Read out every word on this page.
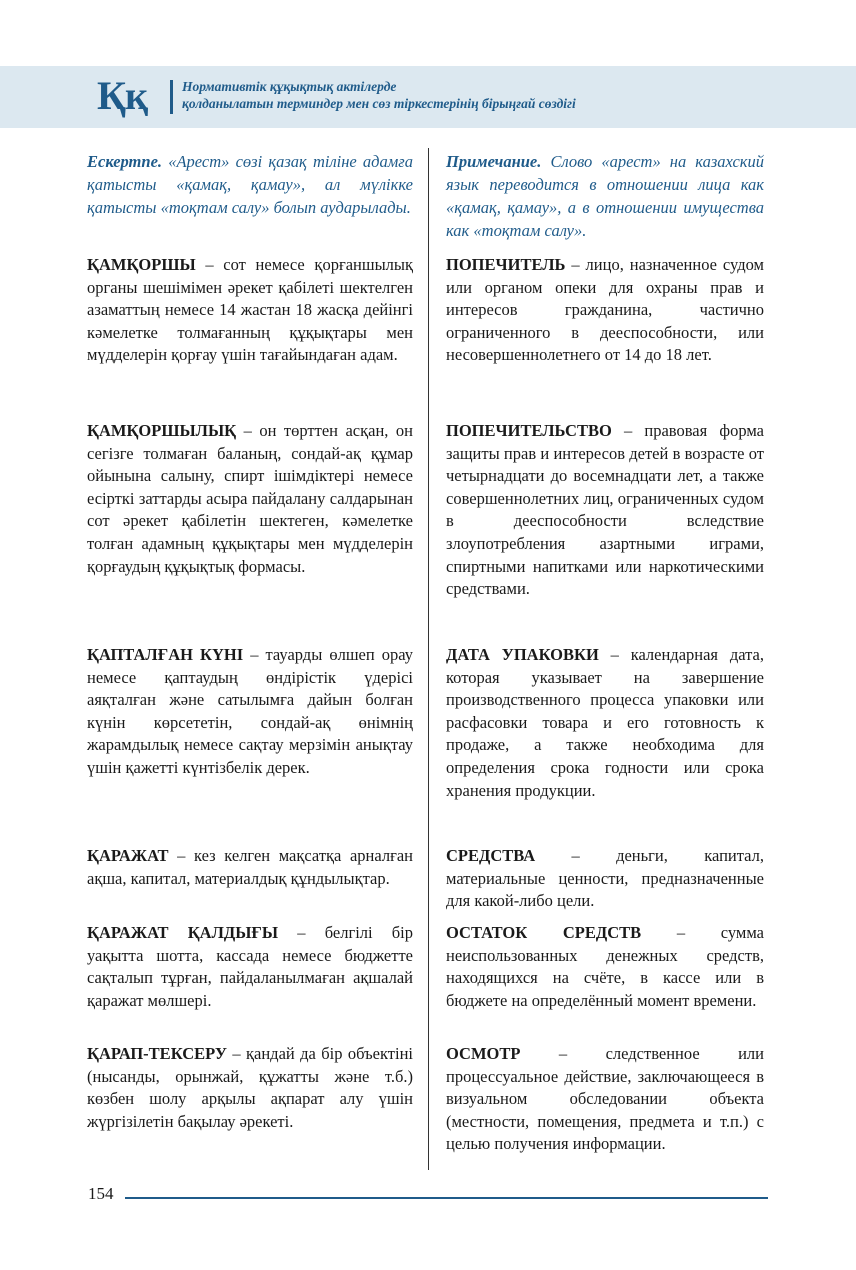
Ққ	Нормативтік құқықтық актілерде
қолданылатын терминдер мен сөз тіркестерінің бірыңғай сөздігі

Ескертпе. «Арест» сөзі қазақ тіліне адамға қатысты «қамақ, қамау», ал мүлікке қатысты «тоқтам салу» болып аударылады.

ҚАМҚОРШЫ – сот немесе қорғаншылық органы шешімімен әрекет қабілеті шектелген азаматтың немесе 14 жастан 18 жасқа дейінгі кәмелетке толмағанның құқықтары мен мүдделерін қорғау үшін тағайындаған адам.

ҚАМҚОРШЫЛЫҚ – он төрттен асқан, он сегізге толмаған баланың, сондай-ақ құмар ойынына салыну, спирт ішімдіктері немесе есірткі заттарды асыра пайдалану салдарынан сот әрекет қабілетін шектеген, кәмелетке толған адамның құқықтары мен мүдделерін қорғаудың құқықтық формасы.

ҚАПТАЛҒАН КҮНІ – тауарды өлшеп орау немесе қаптаудың өндірістік үдерісі аяқталған және сатылымға дайын болған күнін көрсететін, сондай-ақ өнімнің жарамдылық немесе сақтау мерзімін анықтау үшін қажетті күнтізбелік дерек.

ҚАРАЖАТ – кез келген мақсатқа арналған ақша, капитал, материалдық құндылықтар.

ҚАРАЖАТ ҚАЛДЫҒЫ – белгілі бір уақытта шотта, кассада немесе бюджетте сақталып тұрған, пайдаланылмаған ақшалай қаражат мөлшері.

ҚАРАП-ТЕКСЕРУ – қандай да бір объектіні (нысанды, орынжай, құжатты және т.б.) көзбен шолу арқылы ақпарат алу үшін жүргізілетін бақылау әрекеті.

Примечание. Слово «арест» на казахский язык переводится в отношении лица как «қамақ, қамау», а в отношении имущества как «тоқтам салу».

ПОПЕЧИТЕЛЬ – лицо, назначенное судом или органом опеки для охраны прав и интересов гражданина, частично ограниченного в дееспособности, или несовершеннолетнего от 14 до 18 лет.

ПОПЕЧИТЕЛЬСТВО – правовая форма защиты прав и интересов детей в возрасте от четырнадцати до восемнадцати лет, а также совершеннолетних лиц, ограниченных судом в дееспособности вследствие злоупотребления азартными играми, спиртными напитками или наркотическими средствами.

ДАТА УПАКОВКИ – календарная дата, которая указывает на завершение производственного процесса упаковки или расфасовки товара и его готовность к продаже, а также необходима для определения срока годности или срока хранения продукции.

СРЕДСТВА – деньги, капитал, материальные ценности, предназначенные для какой-либо цели.

ОСТАТОК СРЕДСТВ – сумма неиспользованных денежных средств, находящихся на счёте, в кассе или в бюджете на определённый момент времени.

ОСМОТР – следственное или процессуальное действие, заключающееся в визуальном обследовании объекта (местности, помещения, предмета и т.п.) с целью получения информации.

154
